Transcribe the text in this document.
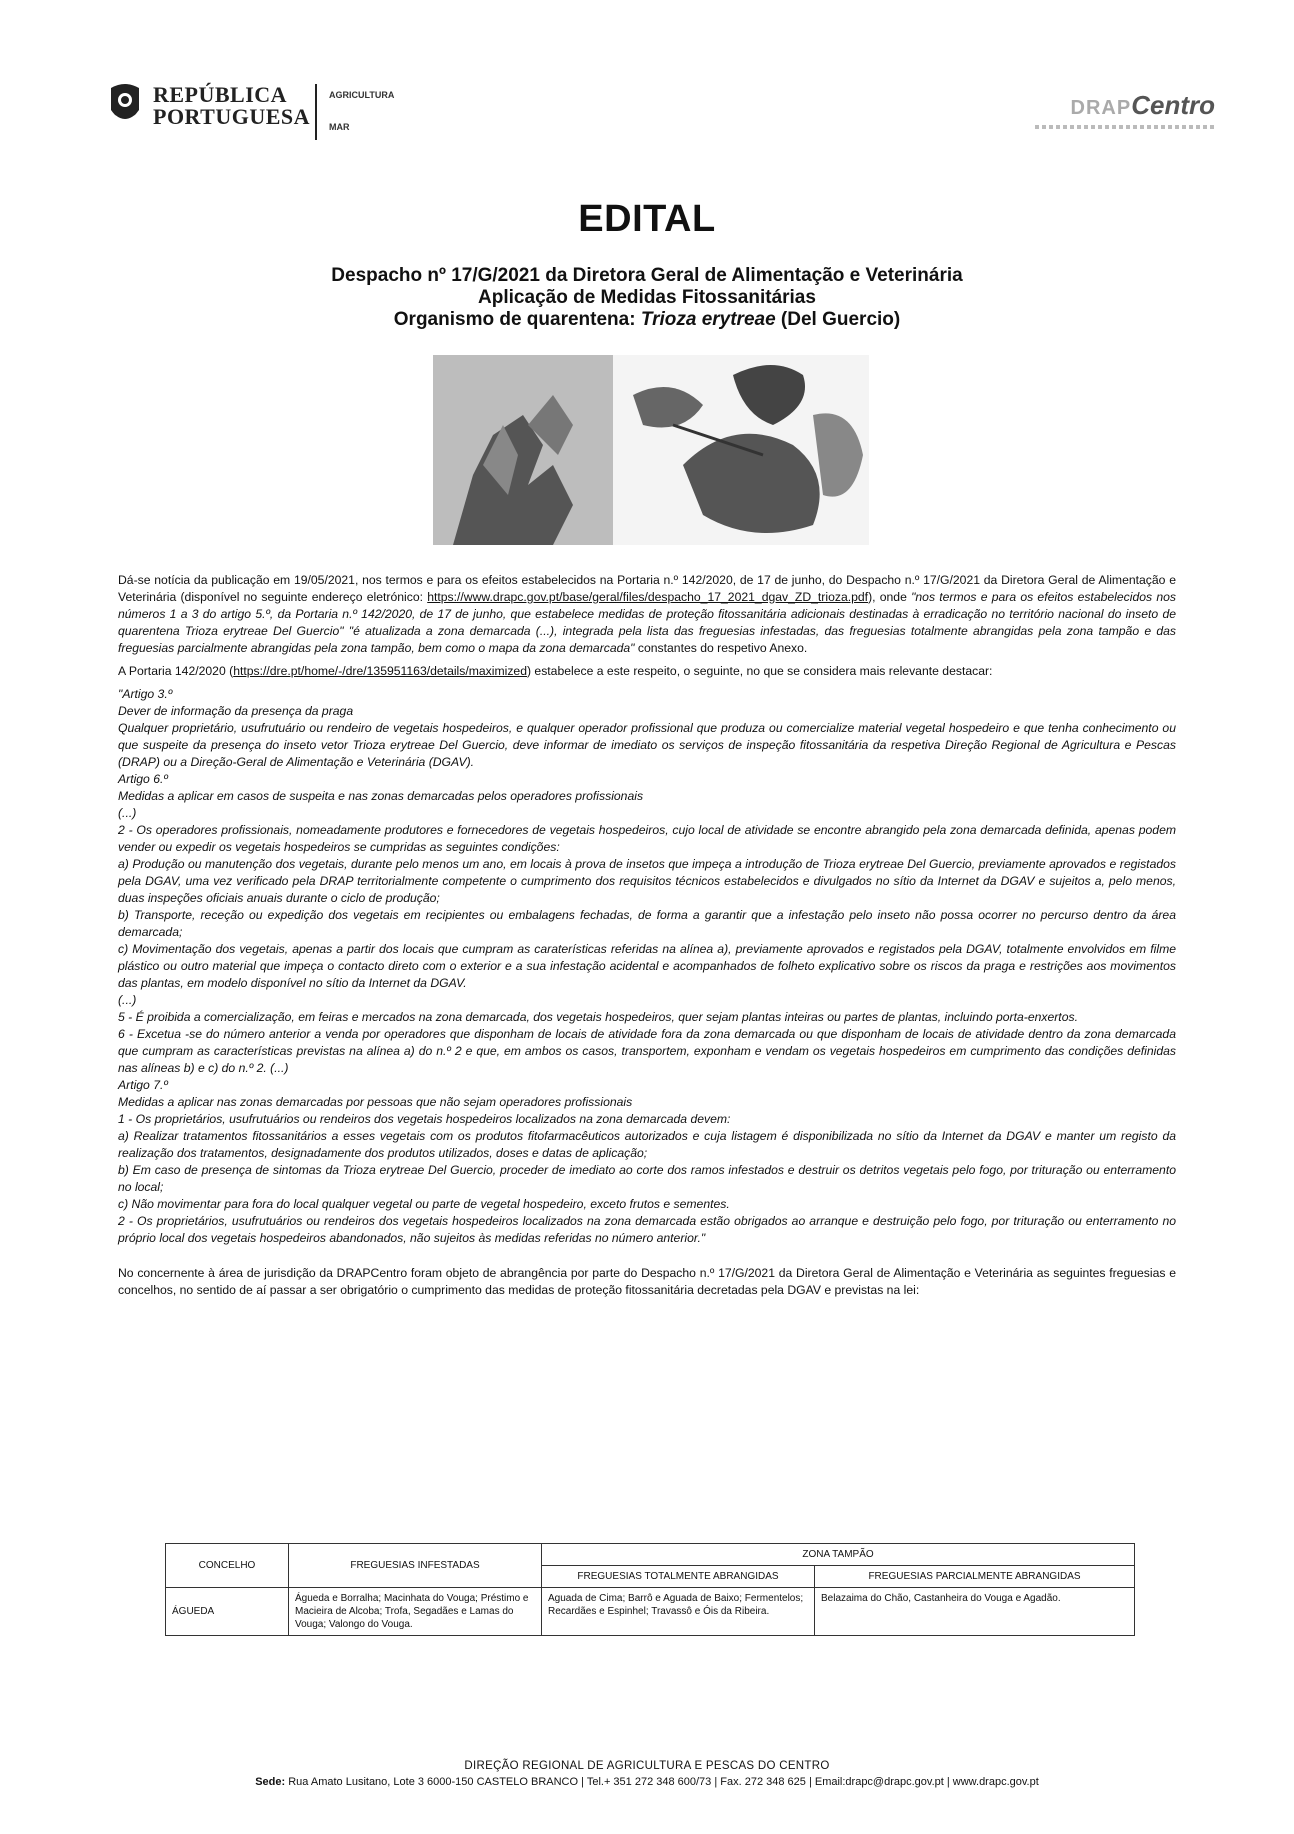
REPÚBLICA
PORTUGUESA
AGRICULTURA
MAR
DRAPCentro
EDITAL
Despacho nº 17/G/2021 da Diretora Geral de Alimentação e Veterinária
Aplicação de Medidas Fitossanitárias
Organismo de quarentena: Trioza erytreae (Del Guercio)

Dá-se notícia da publicação em 19/05/2021, nos termos e para os efeitos estabelecidos na Portaria n.º 142/2020, de 17 de junho, do Despacho n.º 17/G/2021 da Diretora Geral de Alimentação e Veterinária (disponível no seguinte endereço eletrónico: https://www.drapc.gov.pt/base/geral/files/despacho_17_2021_dgav_ZD_trioza.pdf), onde "nos termos e para os efeitos estabelecidos nos números 1 a 3 do artigo 5.º, da Portaria n.º 142/2020, de 17 de junho, que estabelece medidas de proteção fitossanitária adicionais destinadas à erradicação no território nacional do inseto de quarentena Trioza erytreae Del Guercio" "é atualizada a zona demarcada (...), integrada pela lista das freguesias infestadas, das freguesias totalmente abrangidas pela zona tampão e das freguesias parcialmente abrangidas pela zona tampão, bem como o mapa da zona demarcada" constantes do respetivo Anexo.

A Portaria 142/2020 (https://dre.pt/home/-/dre/135951163/details/maximized) estabelece a este respeito, o seguinte, no que se considera mais relevante destacar:

"Artigo 3.º
Dever de informação da presença da praga
Qualquer proprietário, usufrutuário ou rendeiro de vegetais hospedeiros, e qualquer operador profissional que produza ou comercialize material vegetal hospedeiro e que tenha conhecimento ou que suspeite da presença do inseto vetor Trioza erytreae Del Guercio, deve informar de imediato os serviços de inspeção fitossanitária da respetiva Direção Regional de Agricultura e Pescas (DRAP) ou a Direção-Geral de Alimentação e Veterinária (DGAV).
Artigo 6.º
Medidas a aplicar em casos de suspeita e nas zonas demarcadas pelos operadores profissionais
(...)
2 - Os operadores profissionais, nomeadamente produtores e fornecedores de vegetais hospedeiros, cujo local de atividade se encontre abrangido pela zona demarcada definida, apenas podem vender ou expedir os vegetais hospedeiros se cumpridas as seguintes condições:
a) Produção ou manutenção dos vegetais, durante pelo menos um ano, em locais à prova de insetos que impeça a introdução de Trioza erytreae Del Guercio, previamente aprovados e registados pela DGAV, uma vez verificado pela DRAP territorialmente competente o cumprimento dos requisitos técnicos estabelecidos e divulgados no sítio da Internet da DGAV e sujeitos a, pelo menos, duas inspeções oficiais anuais durante o ciclo de produção;
b) Transporte, receção ou expedição dos vegetais em recipientes ou embalagens fechadas, de forma a garantir que a infestação pelo inseto não possa ocorrer no percurso dentro da área demarcada;
c) Movimentação dos vegetais, apenas a partir dos locais que cumpram as caraterísticas referidas na alínea a), previamente aprovados e registados pela DGAV, totalmente envolvidos em filme plástico ou outro material que impeça o contacto direto com o exterior e a sua infestação acidental e acompanhados de folheto explicativo sobre os riscos da praga e restrições aos movimentos das plantas, em modelo disponível no sítio da Internet da DGAV.
(...)
5 - É proibida a comercialização, em feiras e mercados na zona demarcada, dos vegetais hospedeiros, quer sejam plantas inteiras ou partes de plantas, incluindo porta-enxertos.
6 - Excetua -se do número anterior a venda por operadores que disponham de locais de atividade fora da zona demarcada ou que disponham de locais de atividade dentro da zona demarcada que cumpram as características previstas na alínea a) do n.º 2 e que, em ambos os casos, transportem, exponham e vendam os vegetais hospedeiros em cumprimento das condições definidas nas alíneas b) e c) do n.º 2. (...)
Artigo 7.º
Medidas a aplicar nas zonas demarcadas por pessoas que não sejam operadores profissionais
1 - Os proprietários, usufrutuários ou rendeiros dos vegetais hospedeiros localizados na zona demarcada devem:
a) Realizar tratamentos fitossanitários a esses vegetais com os produtos fitofarmacêuticos autorizados e cuja listagem é disponibilizada no sítio da Internet da DGAV e manter um registo da realização dos tratamentos, designadamente dos produtos utilizados, doses e datas de aplicação;
b) Em caso de presença de sintomas da Trioza erytreae Del Guercio, proceder de imediato ao corte dos ramos infestados e destruir os detritos vegetais pelo fogo, por trituração ou enterramento no local;
c) Não movimentar para fora do local qualquer vegetal ou parte de vegetal hospedeiro, exceto frutos e sementes.
2 - Os proprietários, usufrutuários ou rendeiros dos vegetais hospedeiros localizados na zona demarcada estão obrigados ao arranque e destruição pelo fogo, por trituração ou enterramento no próprio local dos vegetais hospedeiros abandonados, não sujeitos às medidas referidas no número anterior."

No concernente à área de jurisdição da DRAPCentro foram objeto de abrangência por parte do Despacho n.º 17/G/2021 da Diretora Geral de Alimentação e Veterinária as seguintes freguesias e concelhos, no sentido de aí passar a ser obrigatório o cumprimento das medidas de proteção fitossanitária decretadas pela DGAV e previstas na lei:

CONCELHO	FREGUESIAS INFESTADAS	ZONA TAMPÃO	
		FREGUESIAS TOTALMENTE ABRANGIDAS	FREGUESIAS PARCIALMENTE ABRANGIDAS
ÁGUEDA	Águeda e Borralha; Macinhata do Vouga; Préstimo e Macieira de Alcoba; Trofa, Segadães e Lamas do Vouga; Valongo do Vouga.	Aguada de Cima; Barrô e Aguada de Baixo; Fermentelos; Recardães e Espinhel; Travassô e Óis da Ribeira.	Belazaima do Chão, Castanheira do Vouga e Agadão.
DIREÇÃO REGIONAL DE AGRICULTURA E PESCAS DO CENTRO
Sede: Rua Amato Lusitano, Lote 3 6000-150 CASTELO BRANCO | Tel.+ 351 272 348 600/73 | Fax. 272 348 625 | Email:drapc@drapc.gov.pt | www.drapc.gov.pt
